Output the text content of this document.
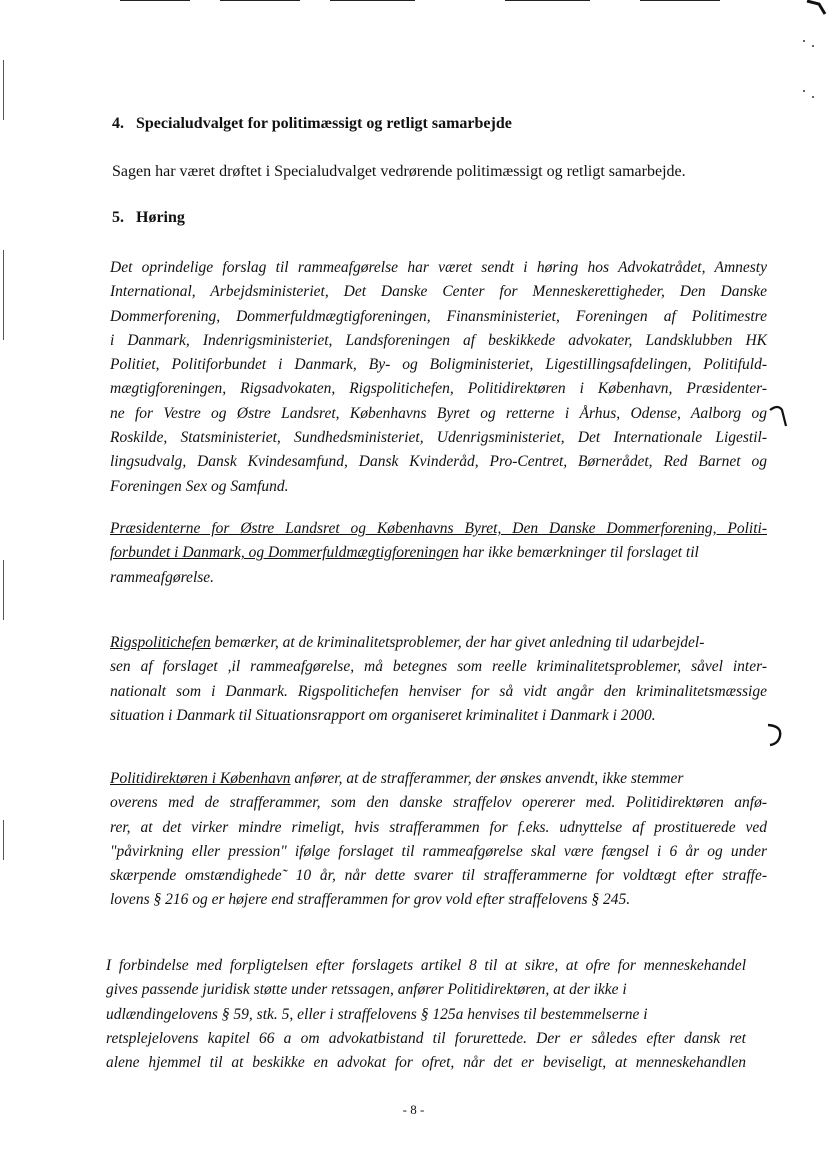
4. Specialudvalget for politimæssigt og retligt samarbejde
Sagen har været drøftet i Specialudvalget vedrørende politimæssigt og retligt samarbejde.
5. Høring
Det oprindelige forslag til rammeafgørelse har været sendt i høring hos Advokatrådet, Amnesty
International, Arbejdsministeriet, Det Danske Center for Menneskerettigheder, Den Danske
Dommerforening, Dommerfuldmægtigforeningen, Finansministeriet, Foreningen af Politimestre
i Danmark, Indenrigsministeriet, Landsforeningen af beskikkede advokater, Landsklubben HK
Politiet, Politiforbundet i Danmark, By- og Boligministeriet, Ligestillingsafdelingen, Politifuld-
mægtigforeningen, Rigsadvokaten, Rigspolitichefen, Politidirektøren i København, Præsidenter-
ne for Vestre og Østre Landsret, Københavns Byret og retterne i Århus, Odense, Aalborg og
Roskilde, Statsministeriet, Sundhedsministeriet, Udenrigsministeriet, Det Internationale Ligestil-
lingsudvalg, Dansk Kvindesamfund, Dansk Kvinderåd, Pro-Centret, Børnerådet, Red Barnet og
Foreningen Sex og Samfund.
Præsidenterne for Østre Landsret og Københavns Byret, Den Danske Dommerforening, Politi-
forbundet i Danmark, og Dommerfuldmægtigforeningen har ikke bemærkninger til forslaget til
rammeafgørelse.
Rigspolitichefen bemærker, at de kriminalitetsproblemer, der har givet anledning til udarbejdel-
sen af forslaget ,il rammeafgørelse, må betegnes som reelle kriminalitetsproblemer, såvel inter-
nationalt som i Danmark. Rigspolitichefen henviser for så vidt angår den kriminalitetsmæssige
situation i Danmark til Situationsrapport om organiseret kriminalitet i Danmark i 2000.
Politidirektøren i København anfører, at de strafferammer, der ønskes anvendt, ikke stemmer
overens med de strafferammer, som den danske straffelov opererer med. Politidirektøren anfø-
rer, at det virker mindre rimeligt, hvis strafferammen for f.eks. udnyttelse af prostituerede ved
"påvirkning eller pression" ifølge forslaget til rammeafgørelse skal være fængsel i 6 år og under
skærpende omstændighede˜ 10 år, når dette svarer til strafferammerne for voldtægt efter straffe-
lovens § 216 og er højere end strafferammen for grov vold efter straffelovens § 245.
I forbindelse med forpligtelsen efter forslagets artikel 8 til at sikre, at ofre for menneskehandel
gives passende juridisk støtte under retssagen, anfører Politidirektøren, at der ikke i
udlændingelovens § 59, stk. 5, eller i straffelovens § 125a henvises til bestemmelserne i
retsplejelovens kapitel 66 a om advokatbistand til forurettede. Der er således efter dansk ret
alene hjemmel til at beskikke en advokat for ofret, når det er beviseligt, at menneskehandlen
- 8 -
